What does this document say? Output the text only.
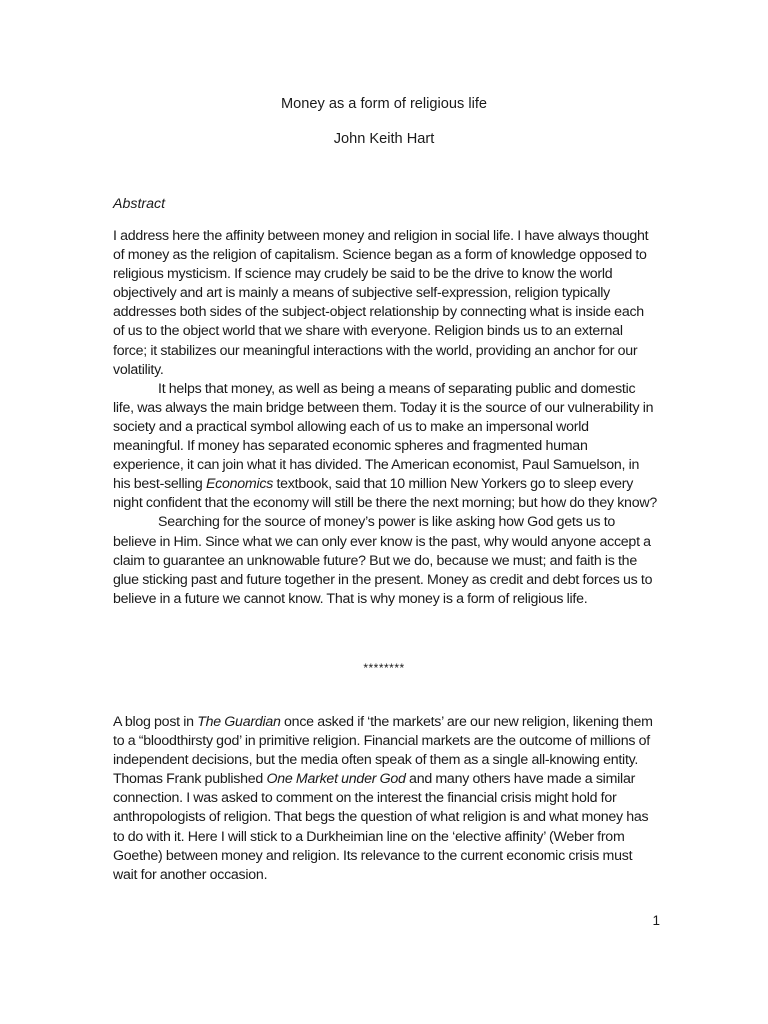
Money as a form of religious life
John Keith Hart
Abstract

I address here the affinity between money and religion in social life. I have always thought of money as the religion of capitalism. Science began as a form of knowledge opposed to religious mysticism. If science may crudely be said to be the drive to know the world objectively and art is mainly a means of subjective self-expression, religion typically addresses both sides of the subject-object relationship by connecting what is inside each of us to the object world that we share with everyone. Religion binds us to an external force; it stabilizes our meaningful interactions with the world, providing an anchor for our volatility.

It helps that money, as well as being a means of separating public and domestic life, was always the main bridge between them. Today it is the source of our vulnerability in society and a practical symbol allowing each of us to make an impersonal world meaningful. If money has separated economic spheres and fragmented human experience, it can join what it has divided. The American economist, Paul Samuelson, in his best-selling Economics textbook, said that 10 million New Yorkers go to sleep every night confident that the economy will still be there the next morning; but how do they know?

Searching for the source of money’s power is like asking how God gets us to believe in Him. Since what we can only ever know is the past, why would anyone accept a claim to guarantee an unknowable future? But we do, because we must; and faith is the glue sticking past and future together in the present. Money as credit and debt forces us to believe in a future we cannot know. That is why money is a form of religious life.

********

A blog post in The Guardian once asked if ‘the markets’ are our new religion, likening them to a “bloodthirsty god’ in primitive religion. Financial markets are the outcome of millions of independent decisions, but the media often speak of them as a single all-knowing entity. Thomas Frank published One Market under God and many others have made a similar connection. I was asked to comment on the interest the financial crisis might hold for anthropologists of religion. That begs the question of what religion is and what money has to do with it. Here I will stick to a Durkheimian line on the ‘elective affinity’ (Weber from Goethe) between money and religion. Its relevance to the current economic crisis must wait for another occasion.

1
